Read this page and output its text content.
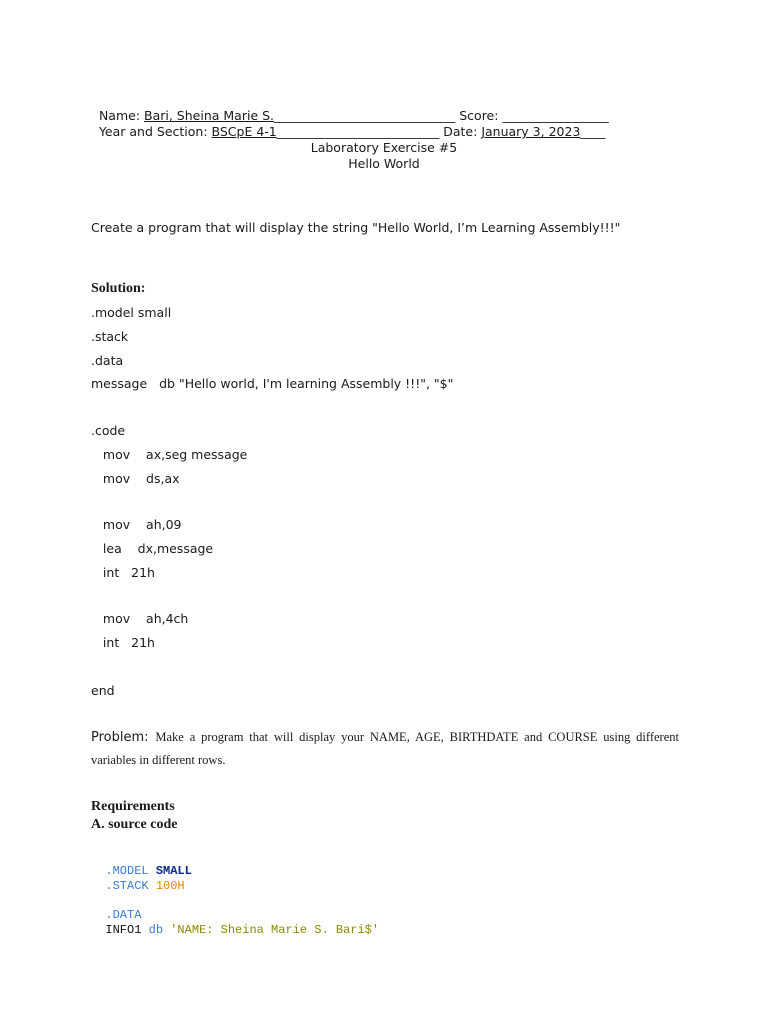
Name: Bari, Sheina Marie S._____________________________ Score: _________________

Year and Section: BSCpE 4-1__________________________ Date: January 3, 2023____

Laboratory Exercise #5
Hello World
Create a program that will display the string "Hello World, I’m Learning Assembly!!!"
Solution:
.model small
.stack
.data
message   db "Hello world, I'm learning Assembly !!!", "$"
.code
mov    ax,seg message
mov    ds,ax
mov    ah,09
lea    dx,message
int   21h
mov    ah,4ch
int   21h
end
Problem: Make a program that will display your NAME, AGE, BIRTHDATE and COURSE using different variables in different rows.
Requirements
A. source code

.MODEL SMALL

.STACK 100H

.DATA

INFO1 db 'NAME: Sheina Marie S. Bari$'
